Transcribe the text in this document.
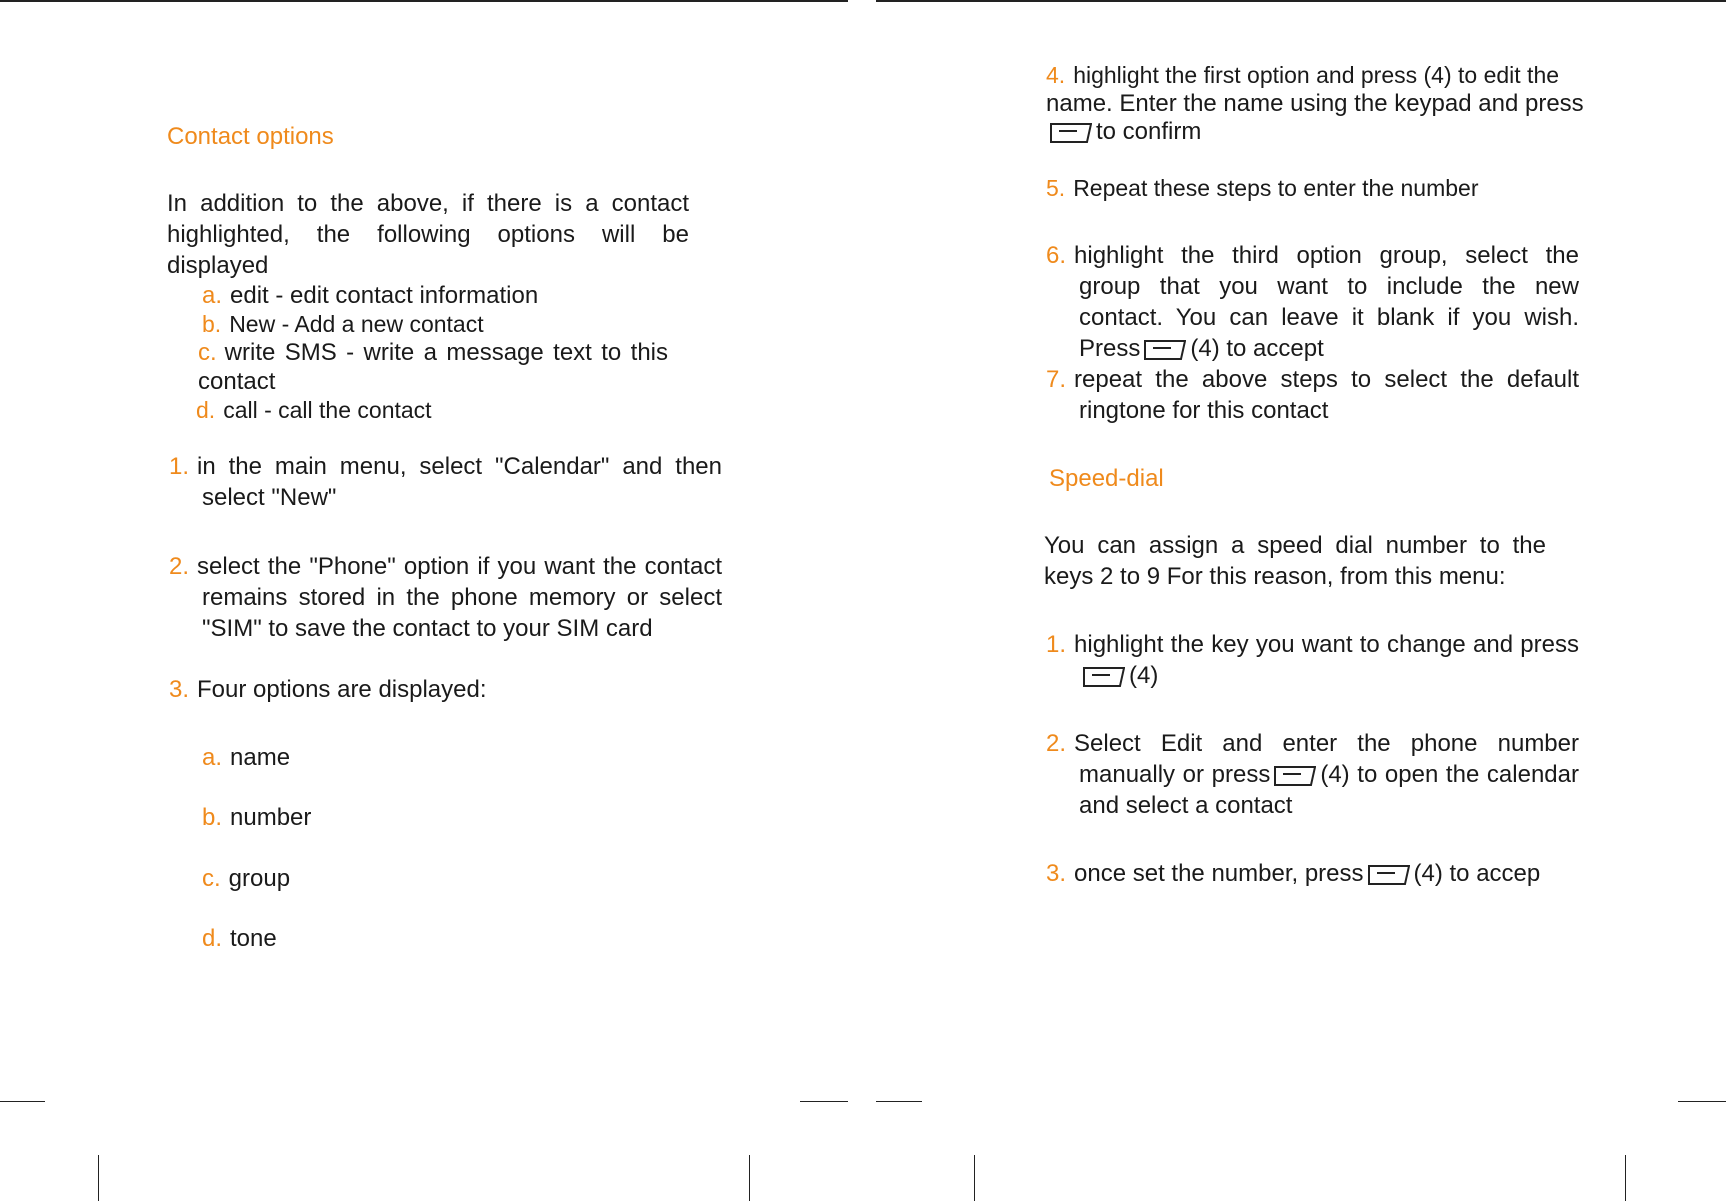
Contact options
In addition to the above, if there is a contact highlighted, the following options will be displayed
a. edit - edit contact information
b. New - Add a new contact
c. write SMS - write a message text to this contact
d. call - call the contact
1. in the main menu, select "Calendar" and then select "New"
2. select the "Phone" option if you want the contact remains stored in the phone memory or select "SIM" to save the contact to your SIM card
3. Four options are displayed:
a. name
b. number
c. group
d. tone
4. highlight the first option and press (4) to edit the
name. Enter the name using the keypad and press
to confirm
5. Repeat these steps to enter the number
6. highlight the third option group, select the group that you want to include the new contact. You can leave it blank if you wish. Press (4) to accept
7. repeat the above steps to select the default ringtone for this contact
Speed-dial
You can assign a speed dial number to the keys 2 to 9 For this reason, from this menu:
1. highlight the key you want to change and press(4)
2. Select Edit and enter the phone number manually or press (4) to open the calendar and select a contact
3. once set the number, press (4) to accep
